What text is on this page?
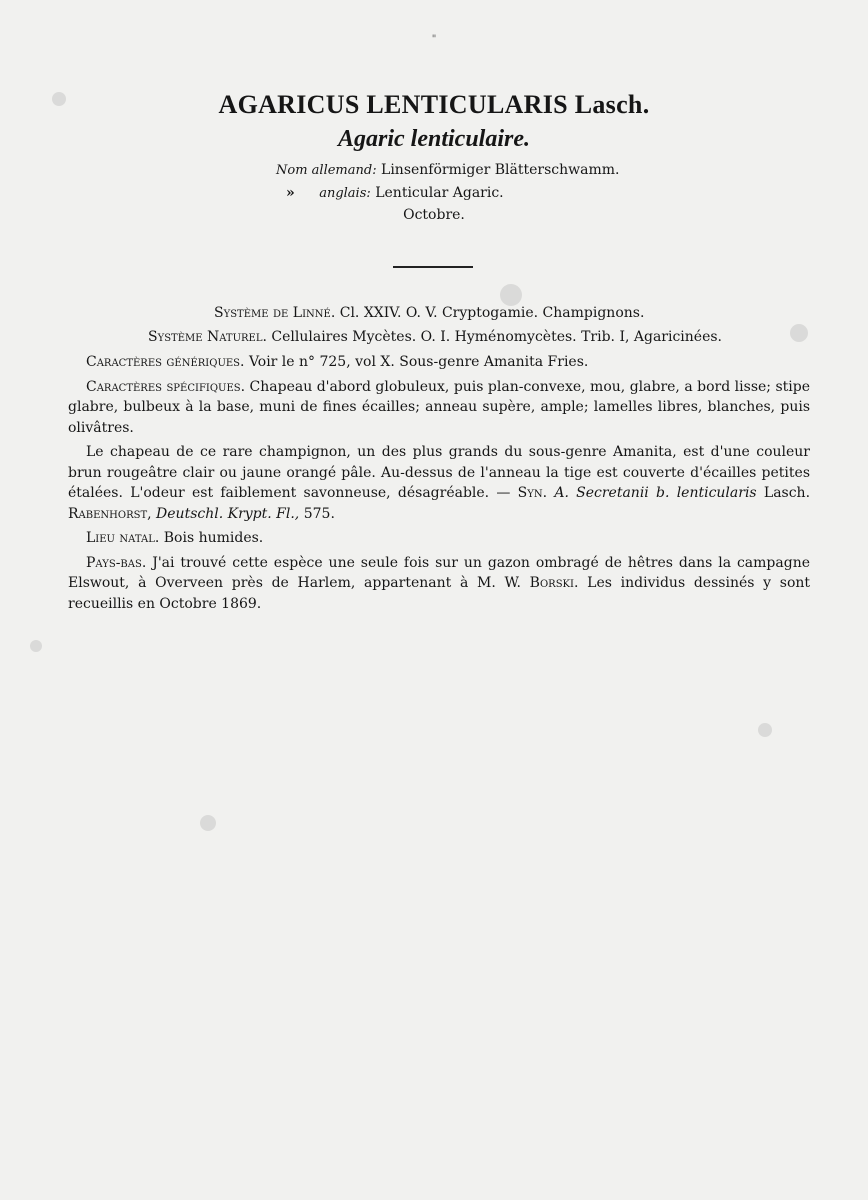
"
AGARICUS LENTICULARIS Lasch.
Agaric lenticulaire.
Nom allemand: Linsenförmiger Blätterschwamm.
» anglais: Lenticular Agaric.
Octobre.
Système de Linné. Cl. XXIV. O. V. Cryptogamie. Champignons.
Système Naturel. Cellulaires Mycètes. O. I. Hyménomycètes. Trib. I, Agaricinées.

Caractères génériques. Voir le n° 725, vol X. Sous-genre Amanita Fries.

Caractères spécifiques. Chapeau d'abord globuleux, puis plan-convexe, mou, glabre, a bord lisse; stipe glabre, bulbeux à la base, muni de fines écailles; anneau supère, ample; lamelles libres, blanches, puis olivâtres.

Le chapeau de ce rare champignon, un des plus grands du sous-genre Amanita, est d'une couleur brun rougeâtre clair ou jaune orangé pâle. Au-dessus de l'anneau la tige est couverte d'écailles petites étalées. L'odeur est faiblement savonneuse, désagréable. — Syn. A. Secretanii b. lenticularis Lasch. Rabenhorst, Deutschl. Krypt. Fl., 575.

Lieu natal. Bois humides.

Pays-bas. J'ai trouvé cette espèce une seule fois sur un gazon ombragé de hêtres dans la campagne Elswout, à Overveen près de Harlem, appartenant à M. W. Borski. Les individus dessinés y sont recueillis en Octobre 1869.
